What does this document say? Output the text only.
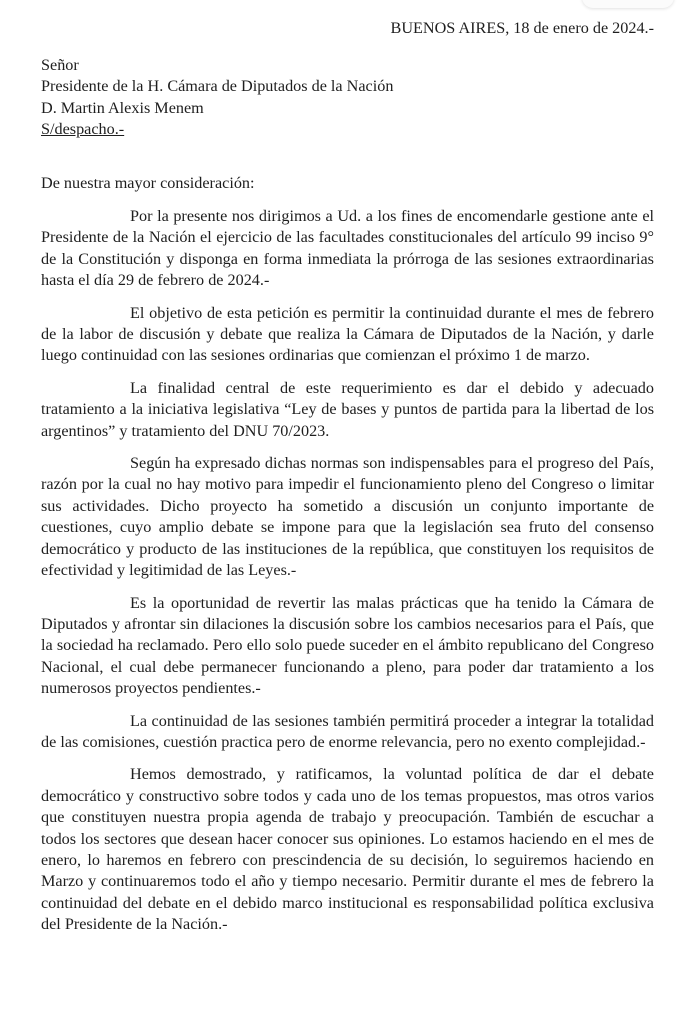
BUENOS AIRES, 18 de enero de 2024.-
Señor
Presidente de la H. Cámara de Diputados de la Nación
D. Martin Alexis Menem
S/despacho.-
De nuestra mayor consideración:

Por la presente nos dirigimos a Ud. a los fines de encomendarle gestione ante el Presidente de la Nación el ejercicio de las facultades constitucionales del artículo 99 inciso 9° de la Constitución y disponga en forma inmediata la prórroga de las sesiones extraordinarias hasta el día 29 de febrero de 2024.-

El objetivo de esta petición es permitir la continuidad durante el mes de febrero de la labor de discusión y debate que realiza la Cámara de Diputados de la Nación, y darle luego continuidad con las sesiones ordinarias que comienzan el próximo 1 de marzo.

La finalidad central de este requerimiento es dar el debido y adecuado tratamiento a la iniciativa legislativa “Ley de bases y puntos de partida para la libertad de los argentinos” y tratamiento del DNU 70/2023.

Según ha expresado dichas normas son indispensables para el progreso del País, razón por la cual no hay motivo para impedir el funcionamiento pleno del Congreso o limitar sus actividades. Dicho proyecto ha sometido a discusión un conjunto importante de cuestiones, cuyo amplio debate se impone para que la legislación sea fruto del consenso democrático y producto de las instituciones de la república, que constituyen los requisitos de efectividad y legitimidad de las Leyes.-

Es la oportunidad de revertir las malas prácticas que ha tenido la Cámara de Diputados y afrontar sin dilaciones la discusión sobre los cambios necesarios para el País, que la sociedad ha reclamado. Pero ello solo puede suceder en el ámbito republicano del Congreso Nacional, el cual debe permanecer funcionando a pleno, para poder dar tratamiento a los numerosos proyectos pendientes.-

La continuidad de las sesiones también permitirá proceder a integrar la totalidad de las comisiones, cuestión practica pero de enorme relevancia, pero no exento complejidad.-

Hemos demostrado, y ratificamos, la voluntad política de dar el debate democrático y constructivo sobre todos y cada uno de los temas propuestos, mas otros varios que constituyen nuestra propia agenda de trabajo y preocupación. También de escuchar a todos los sectores que desean hacer conocer sus opiniones. Lo estamos haciendo en el mes de enero, lo haremos en febrero con prescindencia de su decisión, lo seguiremos haciendo en Marzo y continuaremos todo el año y tiempo necesario. Permitir durante el mes de febrero la continuidad del debate en el debido marco institucional es responsabilidad política exclusiva del Presidente de la Nación.-
